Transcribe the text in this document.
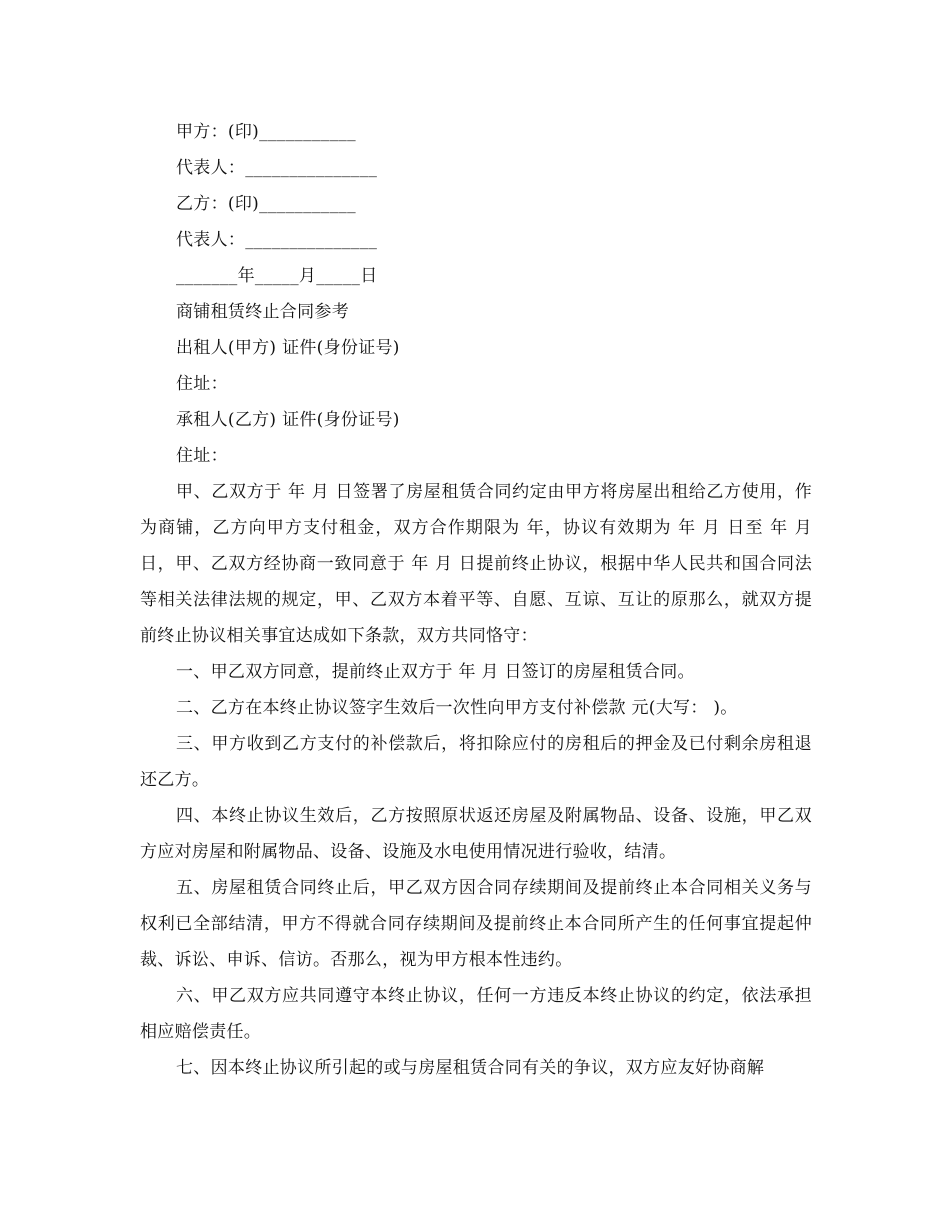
甲方：(印)___________
代表人：_______________
乙方：(印)___________
代表人：_______________
_______年_____月_____日
商铺租赁终止合同参考
出租人(甲方) 证件(身份证号)
住址：
承租人(乙方) 证件(身份证号)
住址：

甲、乙双方于 年 月 日签署了房屋租赁合同约定由甲方将房屋出租给乙方使用，作为商铺，乙方向甲方支付租金，双方合作期限为 年，协议有效期为 年 月 日至 年 月 日，甲、乙双方经协商一致同意于 年 月 日提前终止协议，根据中华人民共和国合同法等相关法律法规的规定，甲、乙双方本着平等、自愿、互谅、互让的原那么，就双方提前终止协议相关事宜达成如下条款，双方共同恪守：

一、甲乙双方同意，提前终止双方于 年 月 日签订的房屋租赁合同。

二、乙方在本终止协议签字生效后一次性向甲方支付补偿款 元(大写： )。

三、甲方收到乙方支付的补偿款后，将扣除应付的房租后的押金及已付剩余房租退还乙方。

四、本终止协议生效后，乙方按照原状返还房屋及附属物品、设备、设施，甲乙双方应对房屋和附属物品、设备、设施及水电使用情况进行验收，结清。

五、房屋租赁合同终止后，甲乙双方因合同存续期间及提前终止本合同相关义务与权利已全部结清，甲方不得就合同存续期间及提前终止本合同所产生的任何事宜提起仲裁、诉讼、申诉、信访。否那么，视为甲方根本性违约。

六、甲乙双方应共同遵守本终止协议，任何一方违反本终止协议的约定，依法承担相应赔偿责任。

七、因本终止协议所引起的或与房屋租赁合同有关的争议，双方应友好协商解
